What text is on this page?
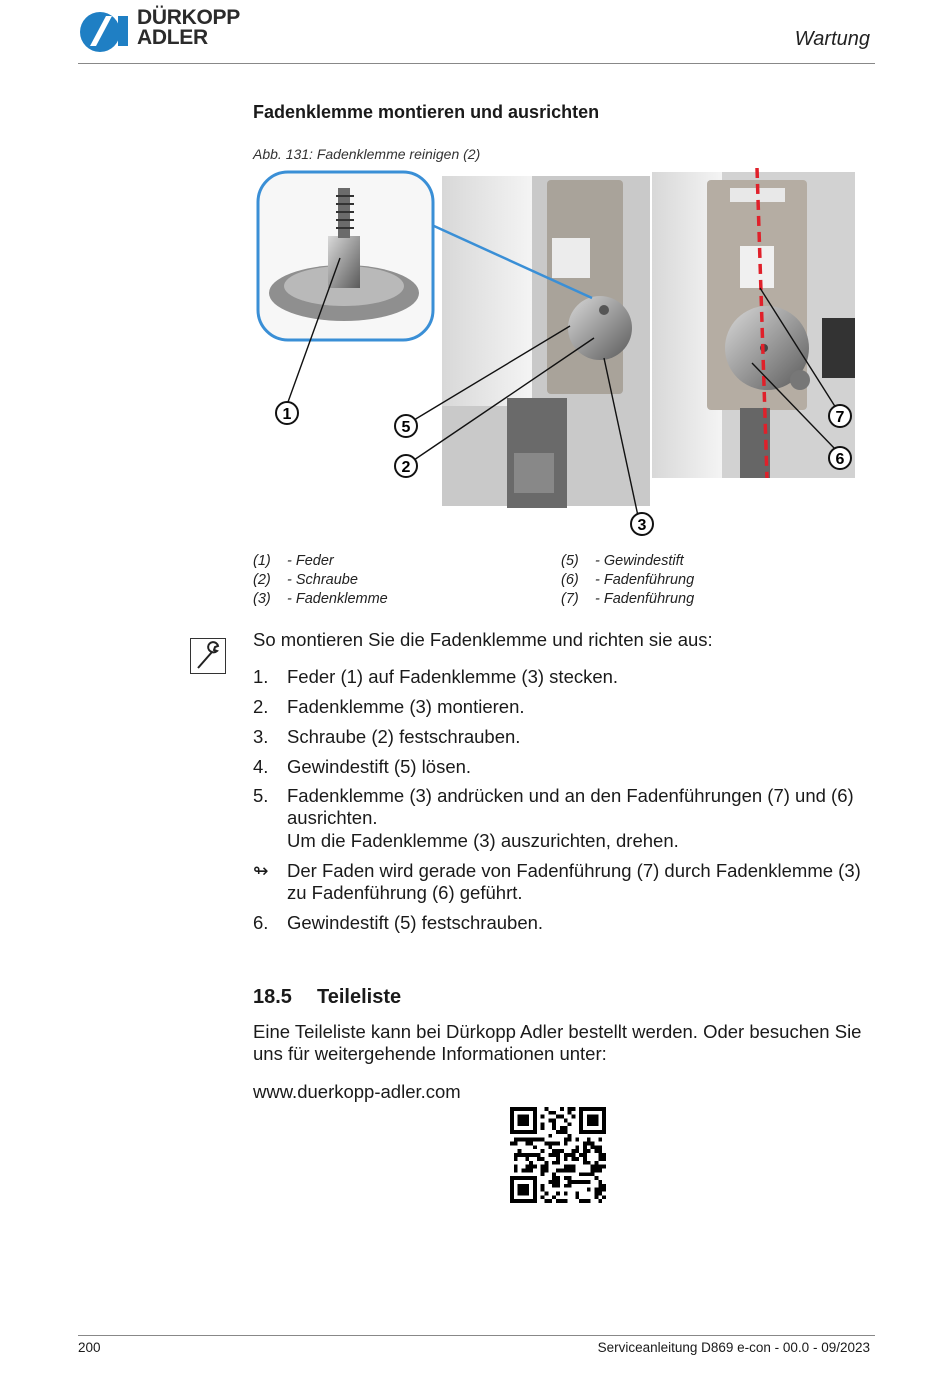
DÜRKOPP
ADLER	Wartung
Fadenklemme montieren und ausrichten
Abb. 131: Fadenklemme reinigen (2)
1
5
2
3
7
6
(1)	- Feder
(2)	- Schraube
(3)	- Fadenklemme
(5)	- Gewindestift
(6)	- Fadenführung
(7)	- Fadenführung
So montieren Sie die Fadenklemme und richten sie aus:
1. Feder (1) auf Fadenklemme (3) stecken.
2. Fadenklemme (3) montieren.
3. Schraube (2) festschrauben.
4. Gewindestift (5) lösen.
5. Fadenklemme (3) andrücken und an den Fadenführungen (7) und (6) ausrichten.
Um die Fadenklemme (3) auszurichten, drehen.
↬ Der Faden wird gerade von Fadenführung (7) durch Fadenklemme (3) zu Fadenführung (6) geführt.
6. Gewindestift (5) festschrauben.
18.5 Teileliste
Eine Teileliste kann bei Dürkopp Adler bestellt werden. Oder besuchen Sie uns für weitergehende Informationen unter:
www.duerkopp-adler.com
200	Serviceanleitung D869 e-con - 00.0 - 09/2023
